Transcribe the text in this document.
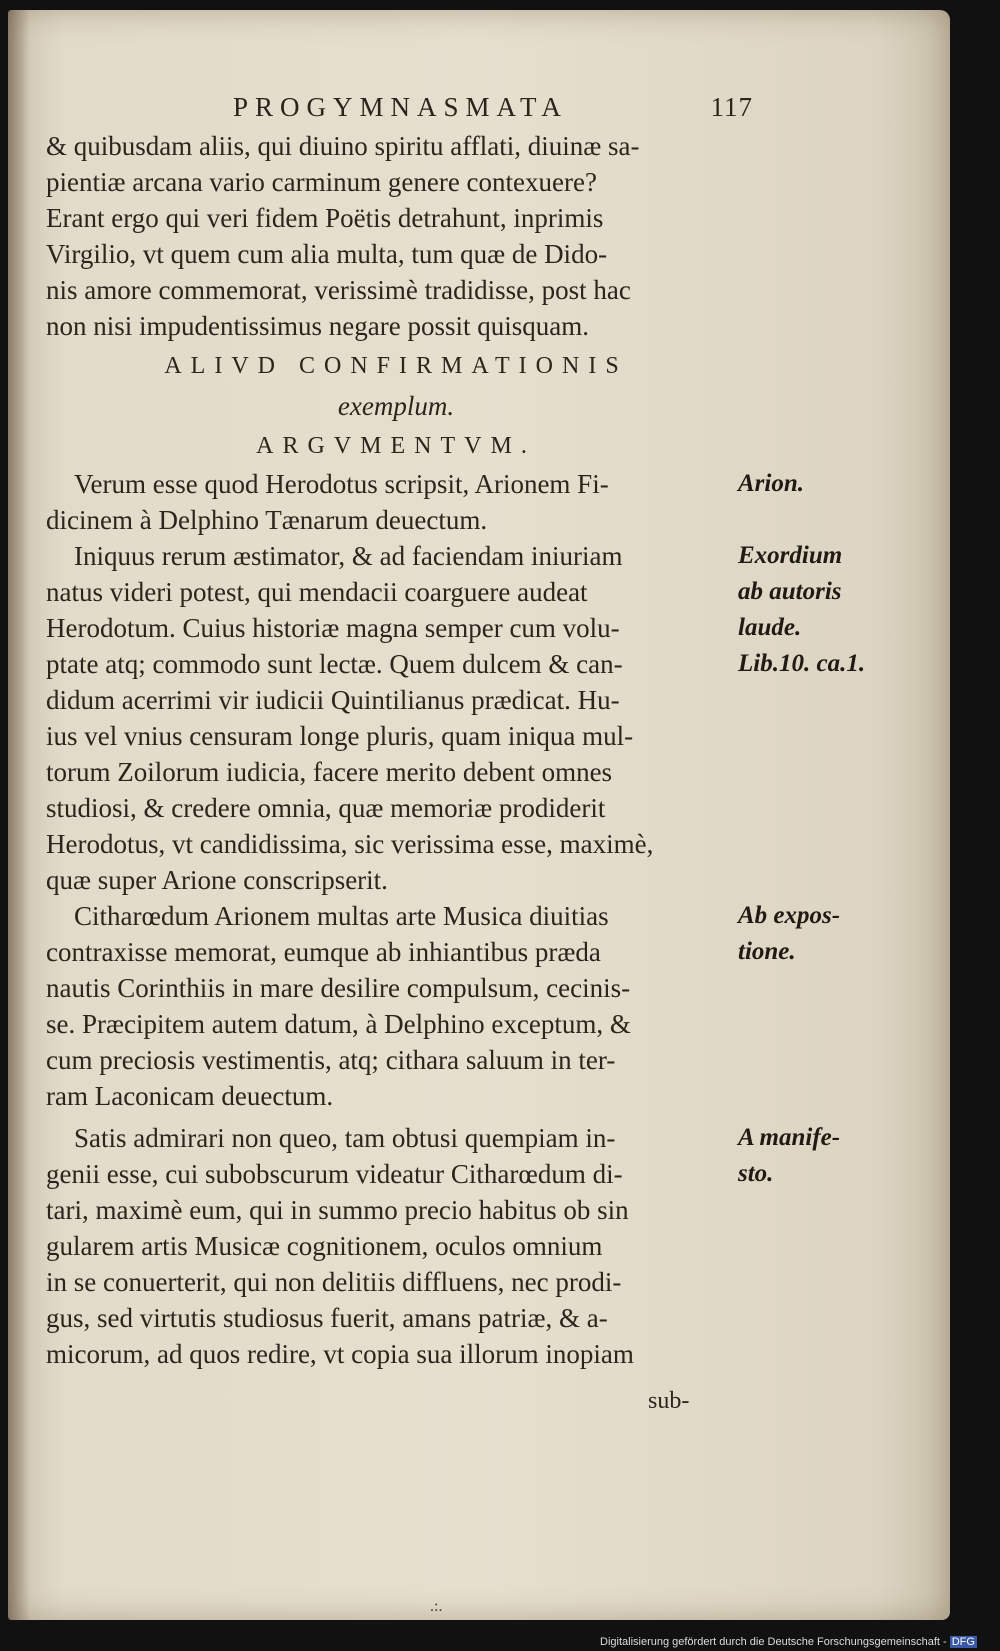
PROGYMNASMATA	117
& quibusdam aliis, qui diuino spiritu afflati, diuinæ sa-
pientiæ arcana vario carminum genere contexuere?
Erant ergo qui veri fidem Poëtis detrahunt, inprimis
Virgilio, vt quem cum alia multa, tum quæ de Dido-
nis amore commemorat, verissimè tradidisse, post hac
non nisi impudentissimus negare possit quisquam.
ALIVD CONFIRMATIONIS
exemplum.
ARGVMENTVM.
Verum esse quod Herodotus scripsit, Arionem Fi-
dicinem à Delphino Tænarum deuectum.
Iniquus rerum æstimator, & ad faciendam iniuriam
natus videri potest, qui mendacii coarguere audeat
Herodotum. Cuius historiæ magna semper cum volu-
ptate atq; commodo sunt lectæ. Quem dulcem & can-
didum acerrimi vir iudicii Quintilianus prædicat. Hu-
ius vel vnius censuram longe pluris, quam iniqua mul-
torum Zoilorum iudicia, facere merito debent omnes
studiosi, & credere omnia, quæ memoriæ prodiderit
Herodotus, vt candidissima, sic verissima esse, maximè,
quæ super Arione conscripserit.
Citharœdum Arionem multas arte Musica diuitias
contraxisse memorat, eumque ab inhiantibus præda
nautis Corinthiis in mare desilire compulsum, cecinis-
se. Præcipitem autem datum, à Delphino exceptum, &
cum preciosis vestimentis, atq; cithara saluum in ter-
ram Laconicam deuectum.
Satis admirari non queo, tam obtusi quempiam in-
genii esse, cui subobscurum videatur Citharœdum di-
tari, maximè eum, qui in summo precio habitus ob sin
gularem artis Musicæ cognitionem, oculos omnium
in se conuerterit, qui non delitiis diffluens, nec prodi-
gus, sed virtutis studiosus fuerit, amans patriæ, & a-
micorum, ad quos redire, vt copia sua illorum inopiam
sub-
Arion.
Exordium
ab autoris
laude.
Lib.10. ca.1.
Ab expos-
tione.
A manife-
sto.
.:.
Digitalisierung gefördert durch die Deutsche Forschungsgemeinschaft - DFG
